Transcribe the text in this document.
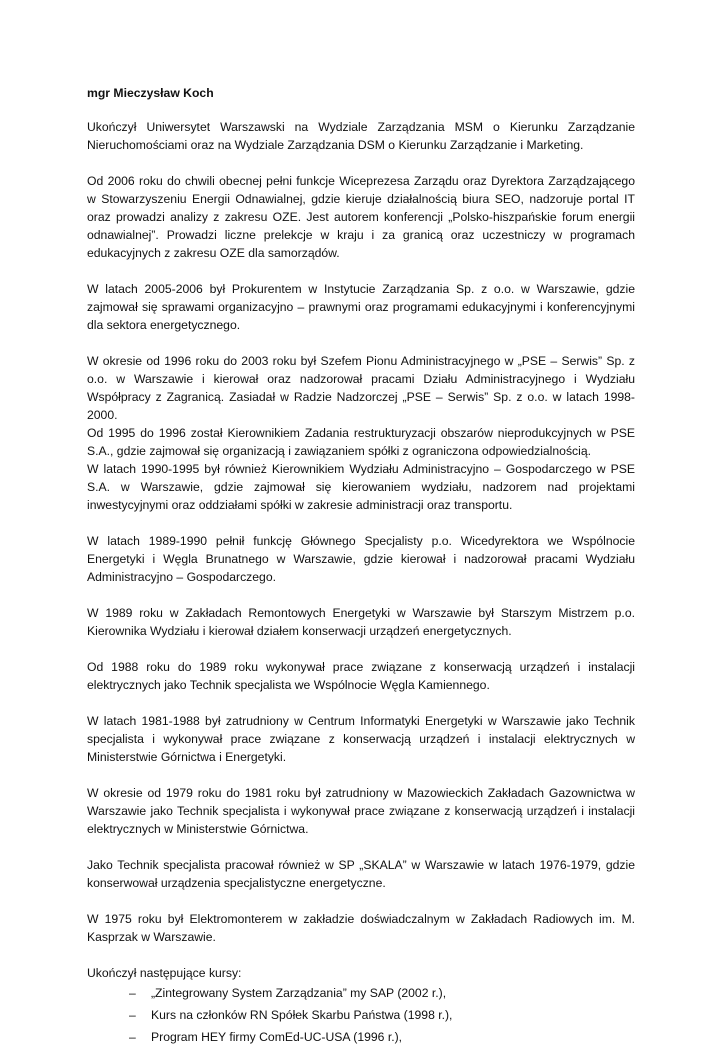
mgr Mieczysław Koch

Ukończył Uniwersytet Warszawski na Wydziale Zarządzania MSM o Kierunku Zarządzanie Nieruchomościami oraz na Wydziale Zarządzania DSM o Kierunku Zarządzanie i Marketing.

Od 2006 roku do chwili obecnej pełni funkcje Wiceprezesa Zarządu oraz Dyrektora Zarządzającego w Stowarzyszeniu Energii Odnawialnej, gdzie kieruje działalnością biura SEO, nadzoruje portal IT oraz prowadzi analizy z zakresu OZE. Jest autorem konferencji „Polsko-hiszpańskie forum energii odnawialnej”. Prowadzi liczne prelekcje w kraju i za granicą oraz uczestniczy w programach edukacyjnych z zakresu OZE dla samorządów.

W latach 2005-2006 był Prokurentem w Instytucie Zarządzania Sp. z o.o. w Warszawie, gdzie zajmował się sprawami organizacyjno – prawnymi oraz programami edukacyjnymi i konferencyjnymi dla sektora energetycznego.

W okresie od 1996 roku do 2003 roku był Szefem Pionu Administracyjnego w „PSE – Serwis” Sp. z o.o. w Warszawie i kierował oraz nadzorował pracami Działu Administracyjnego i Wydziału Współpracy z Zagranicą. Zasiadał w Radzie Nadzorczej „PSE – Serwis” Sp. z o.o. w latach 1998-2000.

Od 1995 do 1996 został Kierownikiem Zadania restrukturyzacji obszarów nieprodukcyjnych w PSE S.A., gdzie zajmował się organizacją i zawiązaniem spółki z ograniczona odpowiedzialnością.

W latach 1990-1995 był również Kierownikiem Wydziału Administracyjno – Gospodarczego w PSE S.A. w Warszawie, gdzie zajmował się kierowaniem wydziału, nadzorem nad projektami inwestycyjnymi oraz oddziałami spółki w zakresie administracji oraz transportu.

W latach 1989-1990 pełnił funkcję Głównego Specjalisty p.o. Wicedyrektora we Wspólnocie Energetyki i Węgla Brunatnego w Warszawie, gdzie kierował i nadzorował pracami Wydziału Administracyjno – Gospodarczego.

W 1989 roku w Zakładach Remontowych Energetyki w Warszawie był Starszym Mistrzem p.o. Kierownika Wydziału i kierował działem konserwacji urządzeń energetycznych.

Od 1988 roku do 1989 roku wykonywał prace związane z konserwacją urządzeń i instalacji elektrycznych jako Technik specjalista we Wspólnocie Węgla Kamiennego.

W latach 1981-1988 był zatrudniony w Centrum Informatyki Energetyki w Warszawie jako Technik specjalista i wykonywał prace związane z konserwacją urządzeń i instalacji elektrycznych w Ministerstwie Górnictwa i Energetyki.

W okresie od 1979 roku do 1981 roku był zatrudniony w Mazowieckich Zakładach Gazownictwa w Warszawie jako Technik specjalista i wykonywał prace związane z konserwacją urządzeń i instalacji elektrycznych w Ministerstwie Górnictwa.

Jako Technik specjalista pracował również w SP „SKALA” w Warszawie w latach 1976-1979, gdzie konserwował urządzenia specjalistyczne energetyczne.

W 1975 roku był Elektromonterem w zakładzie doświadczalnym w Zakładach Radiowych im. M. Kasprzak w Warszawie.

Ukończył następujące kursy:

– „Zintegrowany System Zarządzania” my SAP (2002 r.),
– Kurs na członków RN Spółek Skarbu Państwa (1998 r.),
– Program HEY firmy ComEd-UC-USA (1996 r.),
